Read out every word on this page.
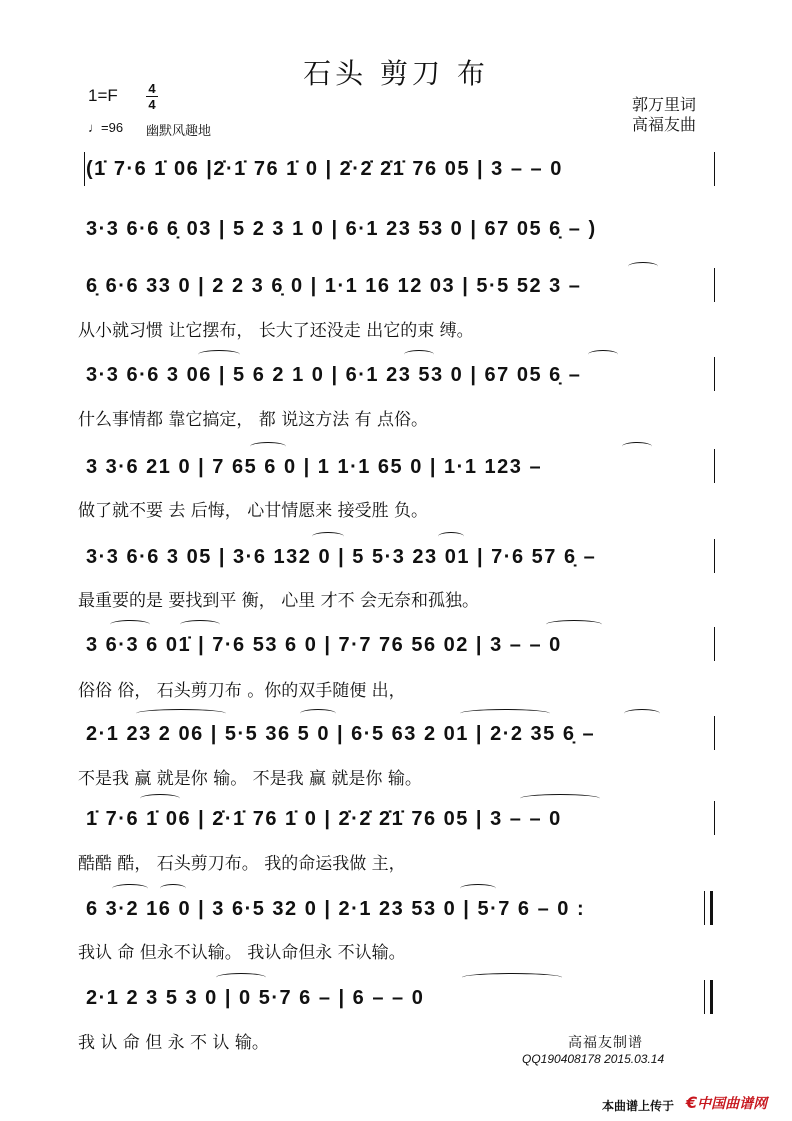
石头 剪刀 布
1=F 4
4
♩=96 幽默风趣地
郭万里词
高福友曲
(1̇ 7·6 1̇ 06 |2̇·1̇ 76 1̇ 0 | 2̇·2̇ 2̇1̇ 76 05 | 3 – – 0
3·3 6·6 6̣ 03 | 5 2 3 1 0 | 6·1 23 53 0 | 67 05 6̣ – )
6̣ 6·6 33 0 | 2 2 3 6̣ 0 | 1·1 16 12 03 | 5·5 52 3 –
从小就习惯 让它摆布， 长大了还没走 出它的束 缚。
3·3 6·6 3 06 | 5 6 2 1 0 | 6·1 23 53 0 | 67 05 6̣ –
什么事情都 靠它搞定， 都 说这方法 有 点俗。
3 3·6 21 0 | 7 65 6 0 | 1 1·1 65 0 | 1·1 123 –
做了就不要 去 后悔， 心甘情愿来 接受胜 负。
3·3 6·6 3 05 | 3·6 132 0 | 5 5·3 23 01 | 7·6 57 6̣ –
最重要的是 要找到平 衡， 心里 才不 会无奈和孤独。
3 6·3 6 01̇ | 7·6 53 6 0 | 7·7 76 56 02 | 3 – – 0
俗俗 俗， 石头剪刀布 。你的双手随便 出，
2·1 23 2 06 | 5·5 36 5 0 | 6·5 63 2 01 | 2·2 35 6̣ –
不是我 赢 就是你 输。 不是我 赢 就是你 输。
1̇ 7·6 1̇ 06 | 2̇·1̇ 76 1̇ 0 | 2̇·2̇ 2̇1̇ 76 05 | 3 – – 0
酷酷 酷， 石头剪刀布。 我的命运我做 主，
6 3·2 16 0 | 3 6·5 32 0 | 2·1 23 53 0 | 5·7 6 – 0 :
我认 命 但永不认输。 我认命但永 不认输。
2·1 2 3 5 3 0 | 0 5·7 6 – | 6 – – 0
我 认 命 但 永 不 认 输。	高福友制谱
QQ190408178 2015.03.14
本曲谱上传于 €中国曲谱网
